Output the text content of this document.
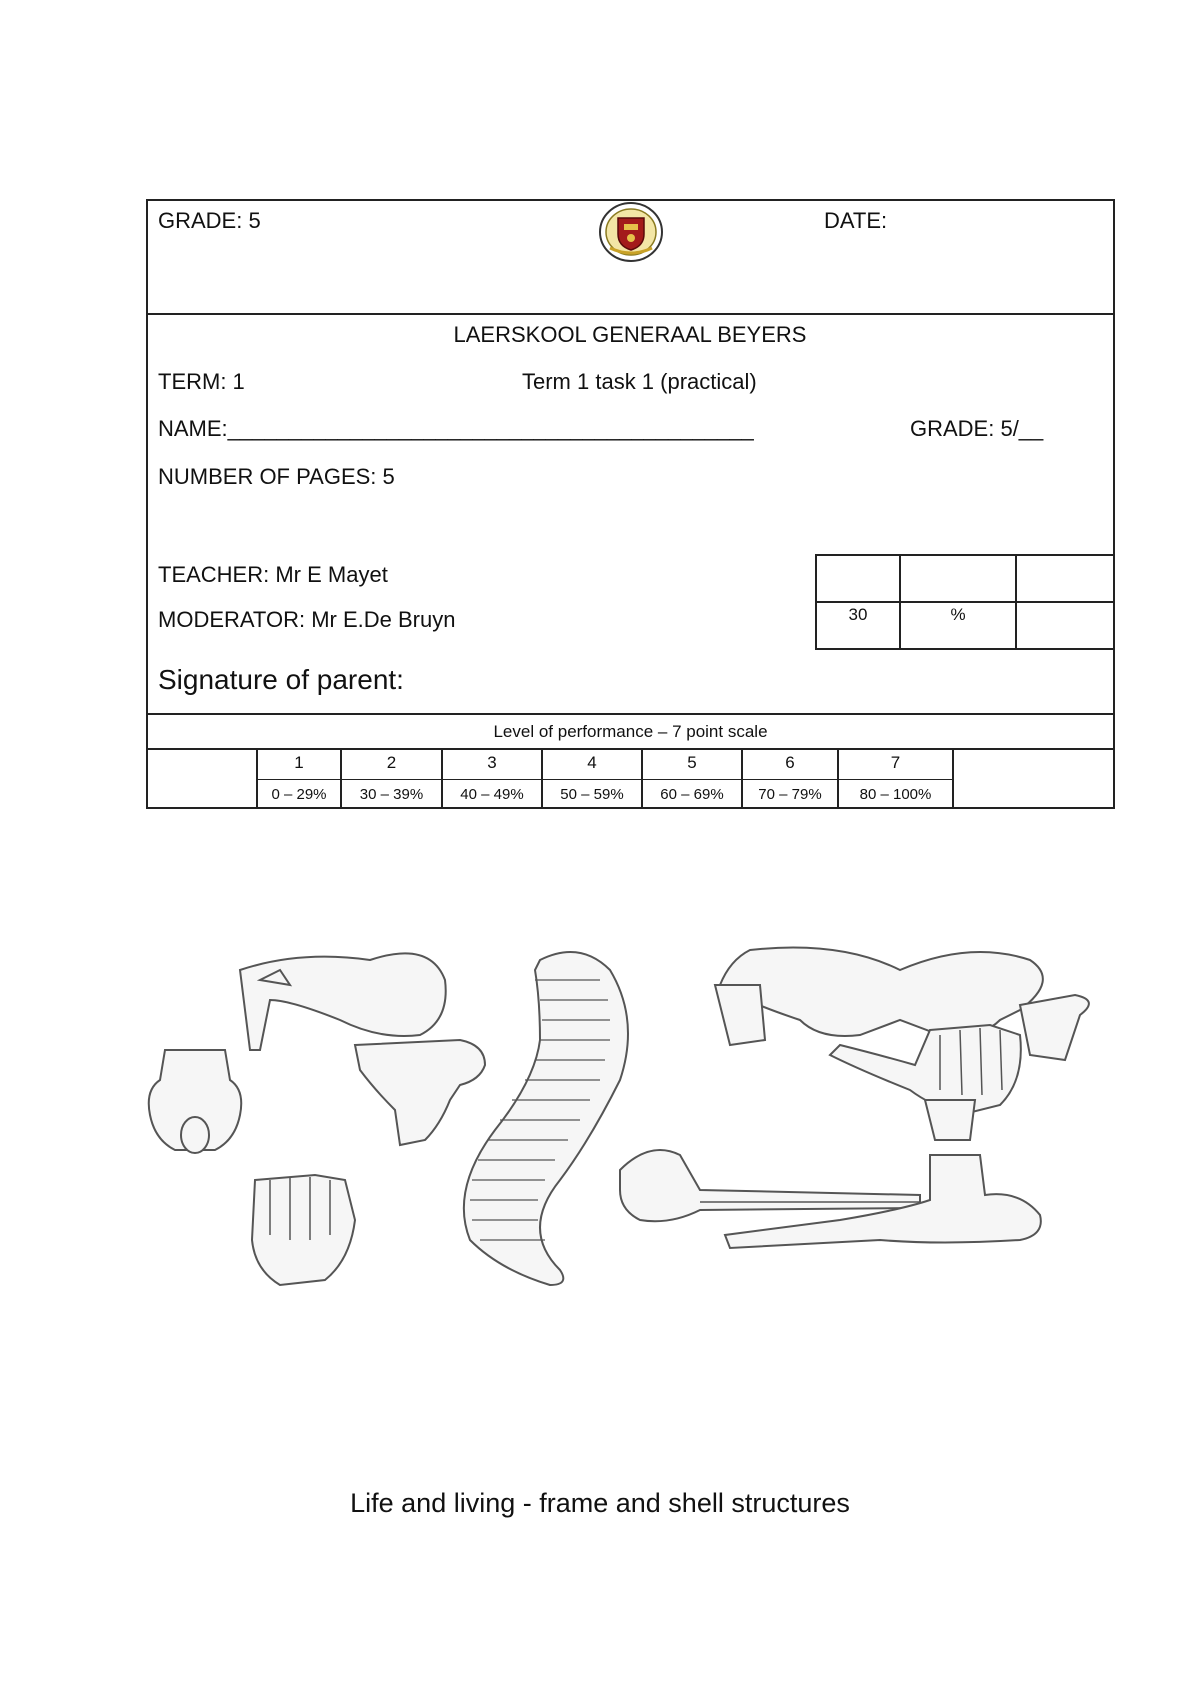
GRADE: 5	DATE:
LAERSKOOL GENERAAL BEYERS
TERM: 1	Term 1 task 1 (practical)
NAME:___________________________________________	GRADE: 5/__
NUMBER OF PAGES: 5
TEACHER: Mr E Mayet
MODERATOR: Mr E.De Bruyn
Signature of parent:
30	%
Level of performance – 7 point scale
1	2	3	4	5	6	7
0 – 29%	30 – 39%	40 – 49%	50 – 59%	60 – 69%	70 – 79%	80 – 100%
Life and living - frame and shell structures
